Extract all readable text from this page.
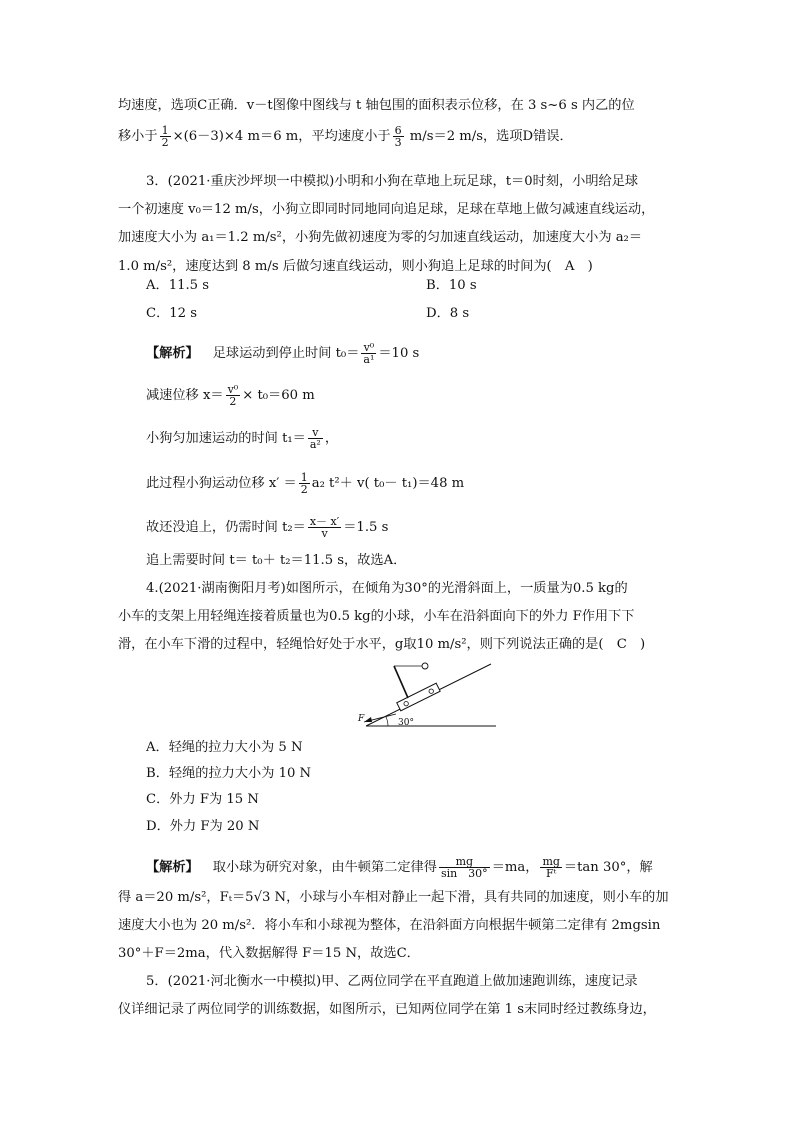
均速度，选项C正确．v－t图像中图线与 t 轴包围的面积表示位移，在 3 s~6 s 内乙的位
移小于 $\frac{1}{2} \times(6-3)\times 4$ m＝6 m，平均速度小于 $\frac{6}{3} m/s=2$ m/s，选项D错误．
3．(2021·重庆沙坪坝一中模拟)小明和小狗在草地上玩足球，t＝0时刻，小明给足球
一个初速度 v₀＝12 m/s，小狗立即同时同地同向追足球，足球在草地上做匀减速直线运动，
加速度大小为 a₁＝1.2 m/s²，小狗先做初速度为零的匀加速直线运动，加速度大小为 a₂＝
1.0 m/s²，速度达到 8 m/s 后做匀速直线运动，则小狗追上足球的时间为(　A　)
A．11.5 s	B．10 s
C．12 s	D．8 s
【解析】 足球运动到停止时间 $t_0= \frac{\text{v⁰}}{\text{a¹}} =10$ s
减速位移 $x= \frac{\text{v⁰}}{2} \times t_0=60$ m
小狗匀加速运动的时间 $t_1= \frac{v}{\text{a²}}$ ，
此过程小狗运动位移 $x' = \frac{1}{2} a_2$ t²＋ v( t₀－ t₁)＝48 m
故还没追上，仍需时间 $t_2= \frac{x- x'}{v} =1.5$ s
追上需要时间 t＝ t₀＋ t₂＝11.5 s，故选A．
4.(2021·湖南衡阳月考)如图所示，在倾角为30°的光滑斜面上，一质量为0.5 kg的
小车的支架上用轻绳连接着质量也为0.5 kg的小球，小车在沿斜面向下的外力 F作用下下
滑，在小车下滑的过程中，轻绳恰好处于水平，g取10 m/s²，则下列说法正确的是(　C　)
F	30°
A．轻绳的拉力大小为 5 N
B．轻绳的拉力大小为 10 N
C．外力 F为 15 N
D．外力 F为 20 N
【解析】 取小球为研究对象，由牛顿第二定律得 $\frac{mg}{\sin 30^\circ} =ma$， $\frac{mg}{\text{Fᵗ}} =\tan$ 30°，解
得 a＝20 m/s²，Fₜ＝5√3 N，小球与小车相对静止一起下滑，具有共同的加速度，则小车的加
速度大小也为 20 m/s²．将小车和小球视为整体，在沿斜面方向根据牛顿第二定律有 2mgsin
30°＋F＝2ma，代入数据解得 F＝15 N，故选C．
5．(2021·河北衡水一中模拟)甲、乙两位同学在平直跑道上做加速跑训练，速度记录
仪详细记录了两位同学的训练数据，如图所示，已知两位同学在第 1 s末同时经过教练身边，
